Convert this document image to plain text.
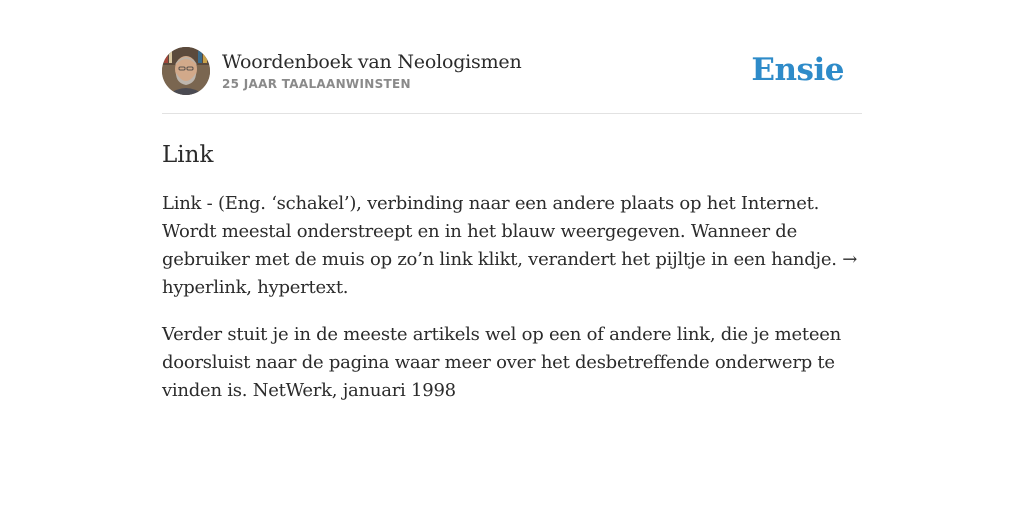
Woordenboek van Neologismen
25 JAAR TAALAANWINSTEN	Ensie
Link

Link - (Eng. ‘schakel’), verbinding naar een andere plaats op het Internet. Wordt meestal onderstreept en in het blauw weergegeven. Wanneer de gebruiker met de muis op zo’n link klikt, verandert het pijltje in een handje. → hyperlink, hypertext.

Verder stuit je in de meeste artikels wel op een of andere link, die je meteen doorsluist naar de pagina waar meer over het desbetreffende onderwerp te vinden is. NetWerk, januari 1998
